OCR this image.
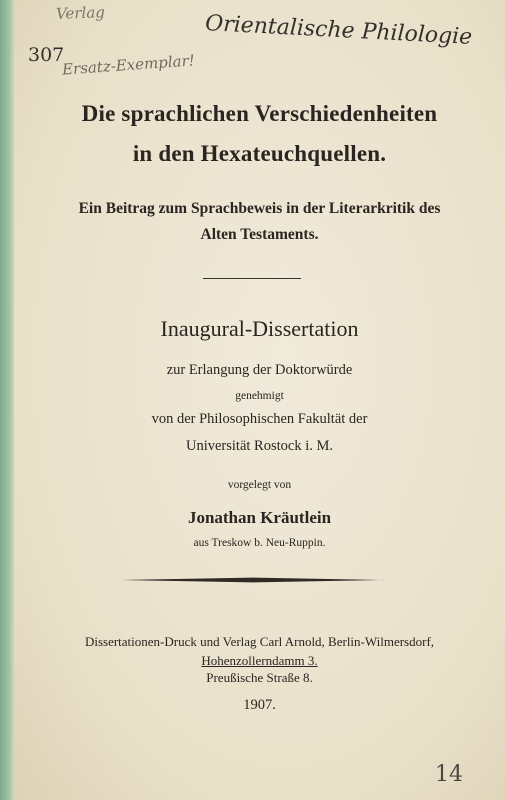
Orientalische Philologie
Verlag
307
Ersatz-Exemplar!
14
Die sprachlichen Verschiedenheiten
in den Hexateuchquellen.
Ein Beitrag zum Sprachbeweis in der Literarkritik des
Alten Testaments.
Inaugural-Dissertation
zur Erlangung der Doktorwürde
genehmigt
von der Philosophischen Fakultät der
Universität Rostock i. M.
vorgelegt von
Jonathan Kräutlein
aus Treskow b. Neu-Ruppin.
Dissertationen-Druck und Verlag Carl Arnold, Berlin-Wilmersdorf,
Hohenzollerndamm 3.
Preußische Straße 8.
1907.
